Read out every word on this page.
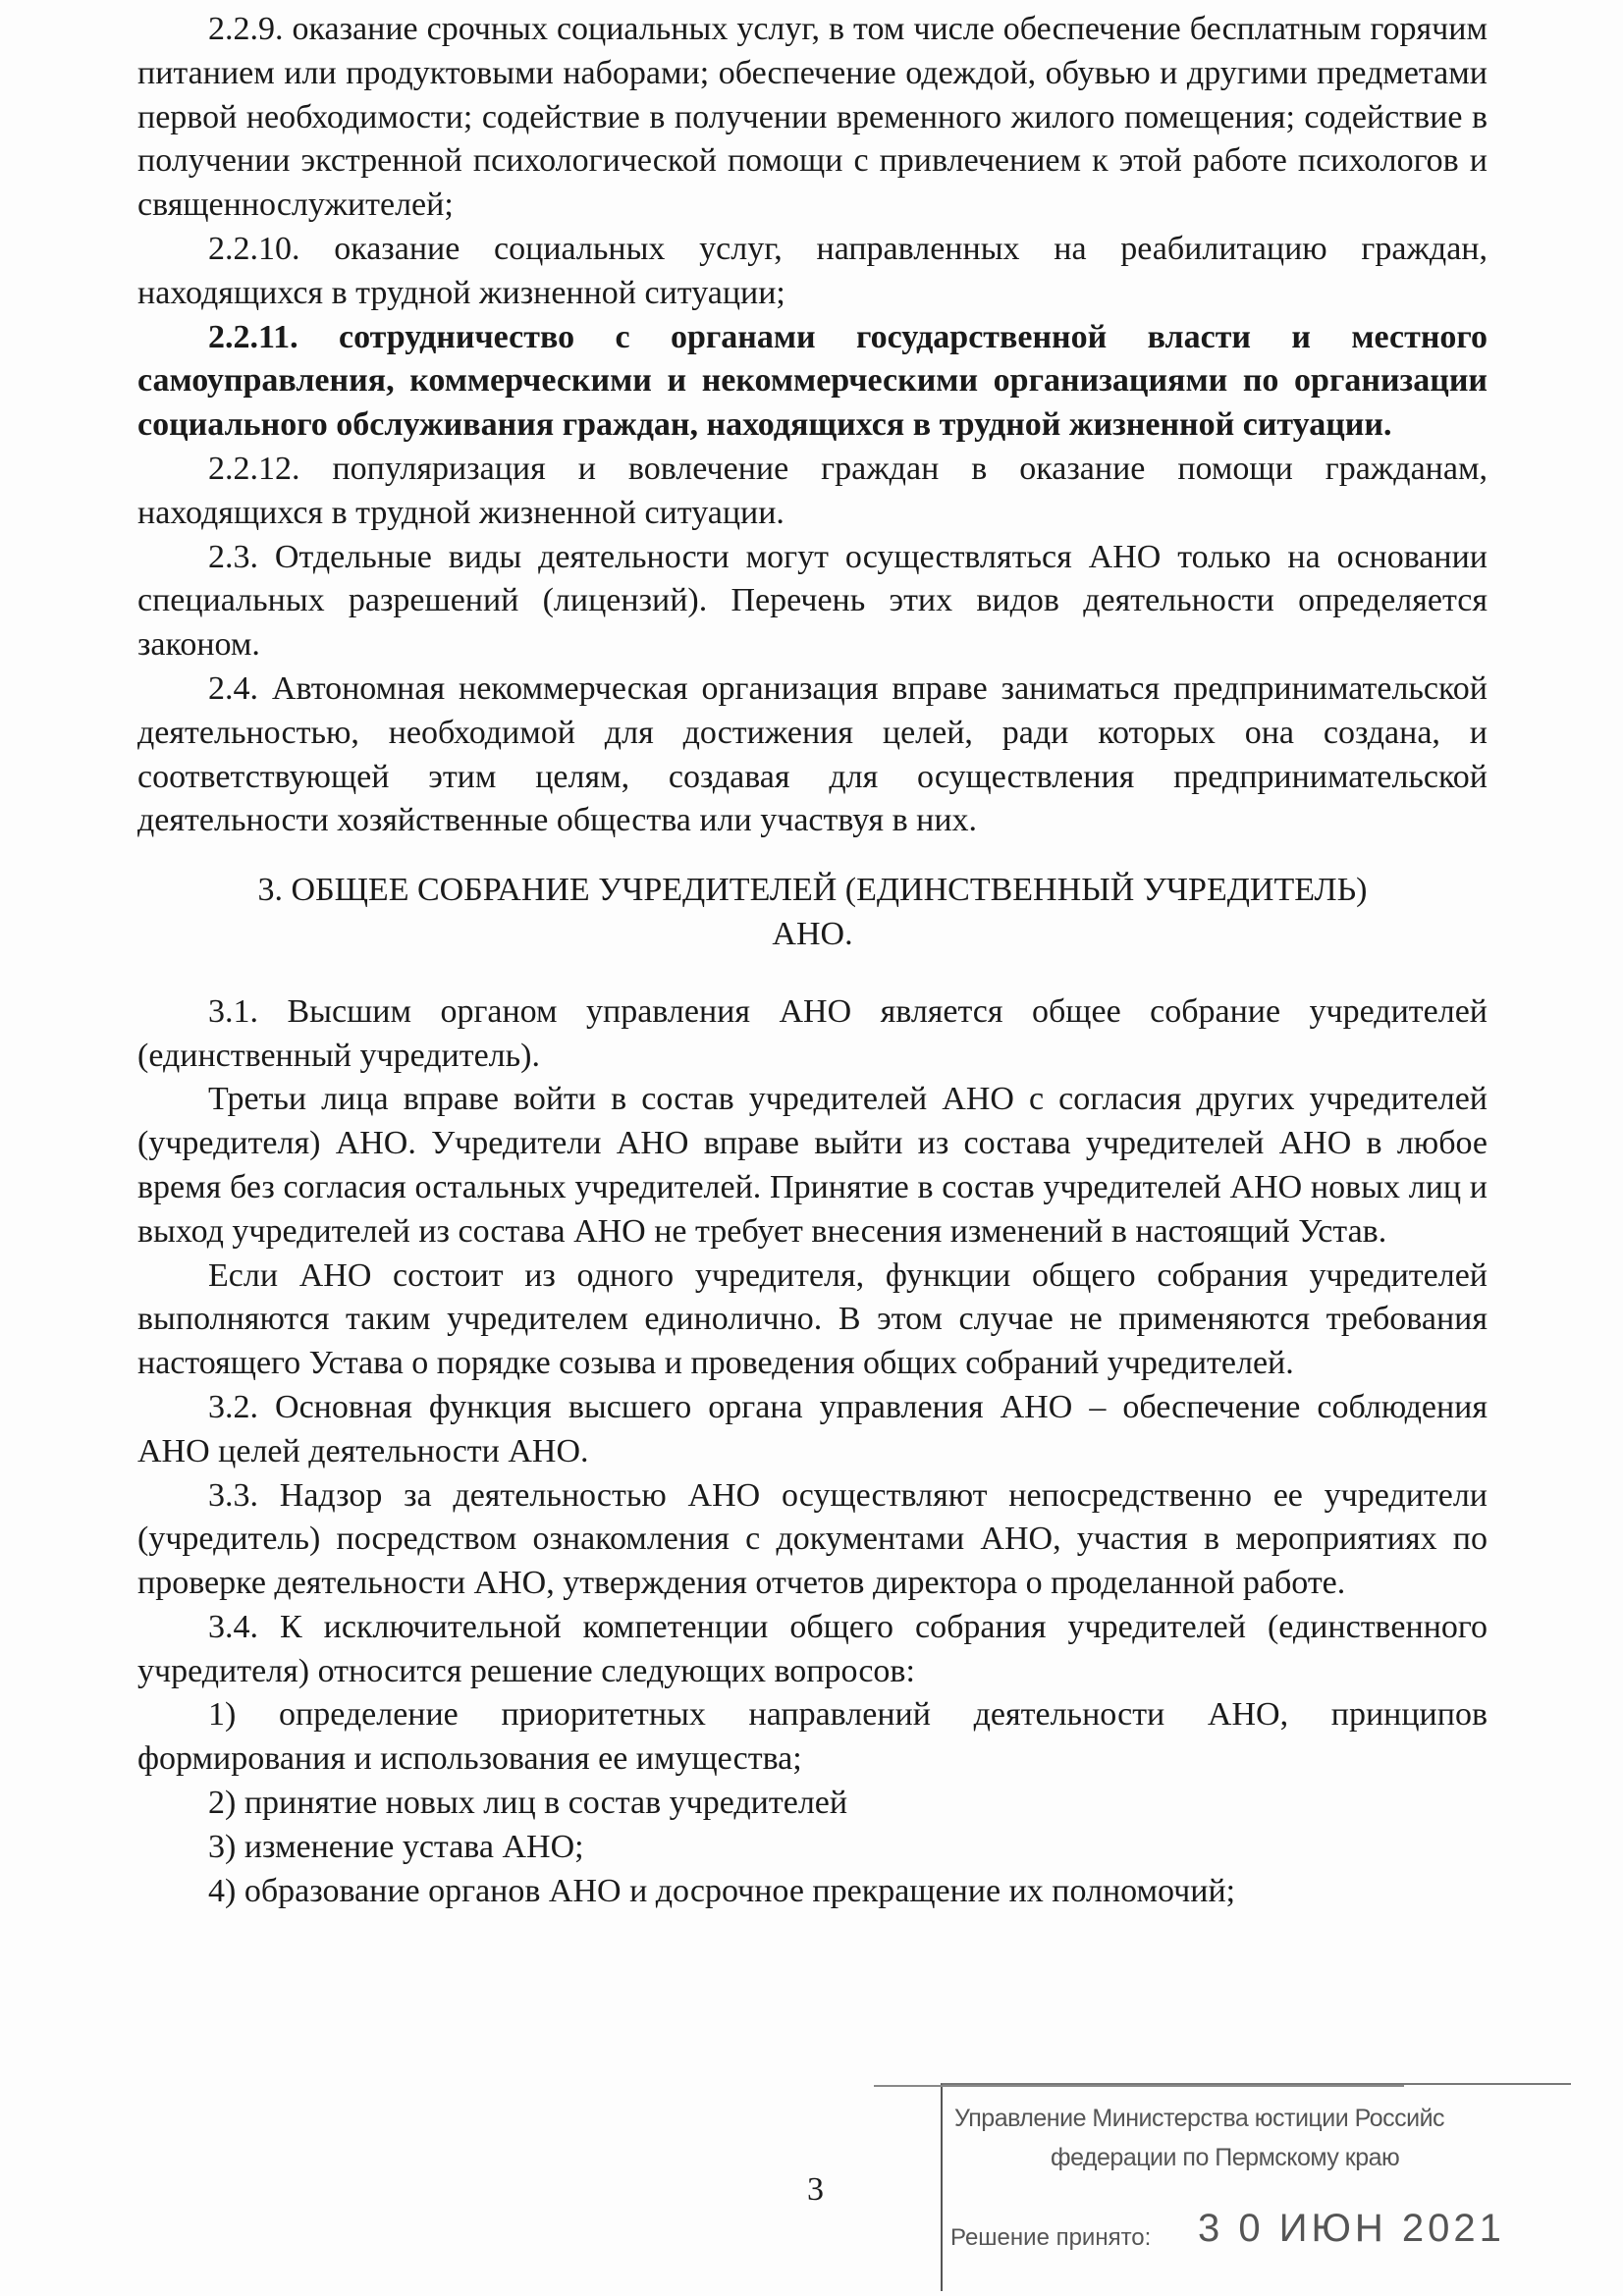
2.2.9. оказание срочных социальных услуг, в том числе обеспечение бесплатным горячим питанием или продуктовыми наборами; обеспечение одеждой, обувью и другими предметами первой необходимости; содействие в получении временного жилого помещения; содействие в получении экстренной психологической помощи с привлечением к этой работе психологов и священнослужителей;

2.2.10. оказание социальных услуг, направленных на реабилитацию граждан, находящихся в трудной жизненной ситуации;

2.2.11. сотрудничество с органами государственной власти и местного самоуправления, коммерческими и некоммерческими организациями по организации социального обслуживания граждан, находящихся в трудной жизненной ситуации.

2.2.12. популяризация и вовлечение граждан в оказание помощи гражданам, находящихся в трудной жизненной ситуации.

2.3. Отдельные виды деятельности могут осуществляться АНО только на основании специальных разрешений (лицензий). Перечень этих видов деятельности определяется законом.

2.4. Автономная некоммерческая организация вправе заниматься предпринимательской деятельностью, необходимой для достижения целей, ради которых она создана, и соответствующей этим целям, создавая для осуществления предпринимательской деятельности хозяйственные общества или участвуя в них.

3. ОБЩЕЕ СОБРАНИЕ УЧРЕДИТЕЛЕЙ (ЕДИНСТВЕННЫЙ УЧРЕДИТЕЛЬ)
АНО.

3.1. Высшим органом управления АНО является общее собрание учредителей (единственный учредитель).

Третьи лица вправе войти в состав учредителей АНО с согласия других учредителей (учредителя) АНО. Учредители АНО вправе выйти из состава учредителей АНО в любое время без согласия остальных учредителей. Принятие в состав учредителей АНО новых лиц и выход учредителей из состава АНО не требует внесения изменений в настоящий Устав.

Если АНО состоит из одного учредителя, функции общего собрания учредителей выполняются таким учредителем единолично. В этом случае не применяются требования настоящего Устава о порядке созыва и проведения общих собраний учредителей.

3.2. Основная функция высшего органа управления АНО – обеспечение соблюдения АНО целей деятельности АНО.

3.3. Надзор за деятельностью АНО осуществляют непосредственно ее учредители (учредитель) посредством ознакомления с документами АНО, участия в мероприятиях по проверке деятельности АНО, утверждения отчетов директора о проделанной работе.

3.4. К исключительной компетенции общего собрания учредителей (единственного учредителя) относится решение следующих вопросов:

1) определение приоритетных направлений деятельности АНО, принципов формирования и использования ее имущества;

2) принятие новых лиц в состав учредителей

3) изменение устава АНО;

4) образование органов АНО и досрочное прекращение их полномочий;

3
Управление Министерства юстиции Российс
федерации по Пермскому краю
Решение принято: 3 0 ИЮН 2021
